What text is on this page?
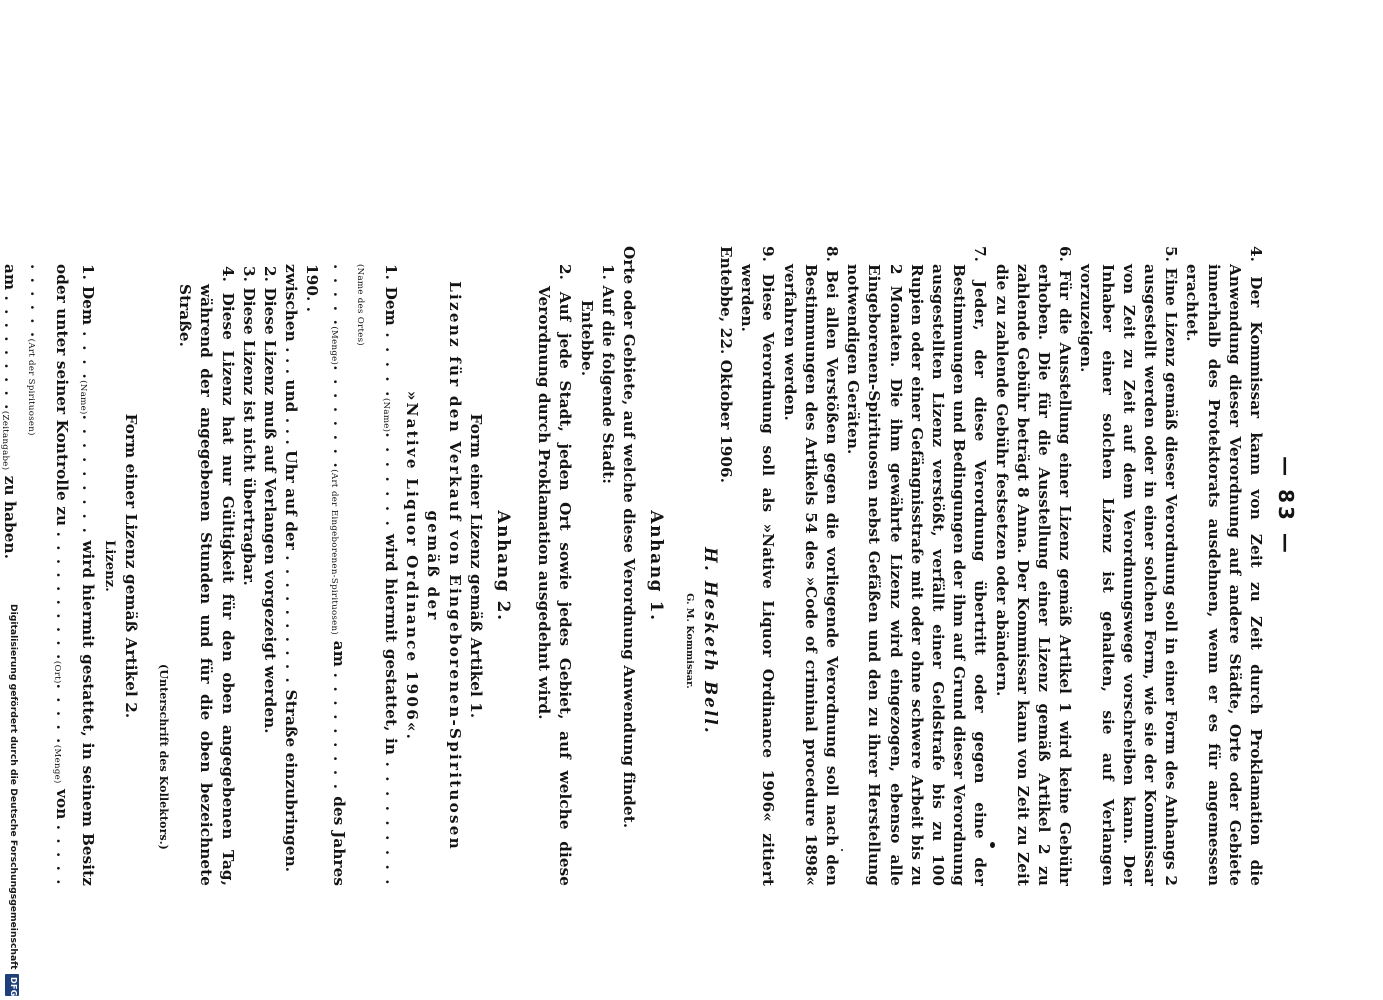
— 83 —

4. Der Kommissar kann von Zeit zu Zeit durch Proklamation die Anwendung dieser Verordnung auf andere Städte, Orte oder Gebiete innerhalb des Protektorats ausdehnen, wenn er es für angemessen erachtet.

5. Eine Lizenz gemäß dieser Verordnung soll in einer Form des Anhangs 2 ausgestellt werden oder in einer solchen Form, wie sie der Kommissar von Zeit zu Zeit auf dem Verordnungswege vorschreiben kann. Der Inhaber einer solchen Lizenz ist gehalten, sie auf Verlangen vorzuzeigen.

6. Für die Ausstellung einer Lizenz gemäß Artikel 1 wird keine Gebühr erhoben. Die für die Ausstellung einer Lizenz gemäß Artikel 2 zu zahlende Gebühr beträgt 8 Anna. Der Kommissar kann von Zeit zu Zeit die zu zahlende Gebühr festsetzen oder abändern.

7. Jeder, der diese Verordnung übertritt oder gegen eine der Bestimmungen und Bedingungen der ihm auf Grund dieser Verordnung ausgestellten Lizenz verstößt, verfällt einer Geldstrafe bis zu 100 Rupien oder einer Gefängnisstrafe mit oder ohne schwere Arbeit bis zu 2 Monaten. Die ihm gewährte Lizenz wird eingezogen, ebenso alle Eingeborenen-Spirituosen nebst Gefäßen und den zu ihrer Herstellung notwendigen Geräten.

8. Bei allen Verstößen gegen die vorliegende Verordnung soll nach den Bestimmungen des Artikels 54 des »Code of criminal procedure 1898« verfahren werden.

9. Diese Verordnung soll als »Native Liquor Ordinance 1906« zitiert werden.

Entebbe, 22. Oktober 1906.

H. Hesketh Bell.
G. M. Kommissar.
Anhang 1.

Orte oder Gebiete, auf welche diese Verordnung Anwendung findet.

1. Auf die folgende Stadt:

Entebbe.

2. Auf jede Stadt, jeden Ort sowie jedes Gebiet, auf welche diese Verordnung durch Proklamation ausgedehnt wird.

Anhang 2.
Form einer Lizenz gemäß Artikel 1.
Lizenz für den Verkauf von Eingeborenen-Spirituosen gemäß der
»Native Liquor Ordinance 1906«.

1. Dem . . . . .(Name). . . . . . . wird hiermit gestattet, in . . . . . . . . .(Name des Ortes)
. . . . .(Menge). . . . . . . .(Art der Eingeborenen-Spirituosen) am . . . . . . . . . des Jahres 190. .
zwischen . . . und . . . Uhr auf der . . . . . . . . . . Straße einzubringen.

2. Diese Lizenz muß auf Verlangen vorgezeigt werden.

3. Diese Lizenz ist nicht übertragbar.

4. Diese Lizenz hat nur Gültigkeit für den oben angegebenen Tag, während der angegebenen Stunden und für die oben bezeichnete Straße.

(Unterschrift des Kollektors.)
Form einer Lizenz gemäß Artikel 2.
Lizenz.

1. Dem . . . .(Name). . . . . . . . . wird hiermit gestattet, in seinem Besitz oder unter seiner Kontrolle zu . . . . . . . . . .(Ort). . . . .(Menge) von . . . . . . . . . . .(Art der Spirituosen)
am . . . . . . . . .(Zeitangabe) zu haben.

Digitalisierung gefördert durch die Deutsche Forschungsgemeinschaft
DFG
